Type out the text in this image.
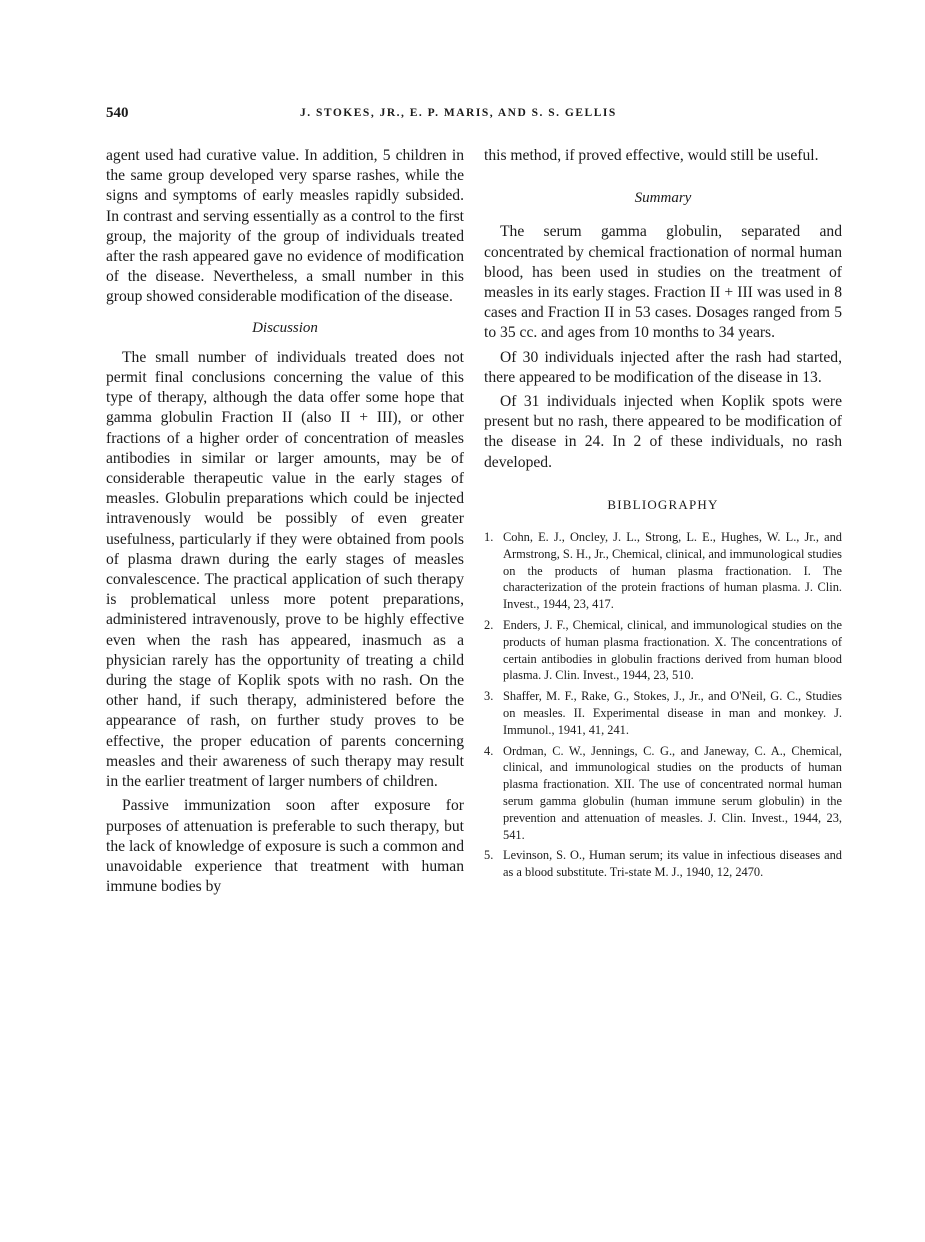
540	J. STOKES, JR., E. P. MARIS, AND S. S. GELLIS

agent used had curative value. In addition, 5 children in the same group developed very sparse rashes, while the signs and symptoms of early measles rapidly subsided. In contrast and serving essentially as a control to the first group, the majority of the group of individuals treated after the rash appeared gave no evidence of modification of the disease. Nevertheless, a small number in this group showed considerable modification of the disease.

Discussion

The small number of individuals treated does not permit final conclusions concerning the value of this type of therapy, although the data offer some hope that gamma globulin Fraction II (also II + III), or other fractions of a higher order of concentration of measles antibodies in similar or larger amounts, may be of considerable therapeutic value in the early stages of measles. Globulin preparations which could be injected intravenously would be possibly of even greater usefulness, particularly if they were obtained from pools of plasma drawn during the early stages of measles convalescence. The practical application of such therapy is problematical unless more potent preparations, administered intravenously, prove to be highly effective even when the rash has appeared, inasmuch as a physician rarely has the opportunity of treating a child during the stage of Koplik spots with no rash. On the other hand, if such therapy, administered before the appearance of rash, on further study proves to be effective, the proper education of parents concerning measles and their awareness of such therapy may result in the earlier treatment of larger numbers of children.

Passive immunization soon after exposure for purposes of attenuation is preferable to such therapy, but the lack of knowledge of exposure is such a common and unavoidable experience that treatment with human immune bodies by

this method, if proved effective, would still be useful.

Summary

The serum gamma globulin, separated and concentrated by chemical fractionation of normal human blood, has been used in studies on the treatment of measles in its early stages. Fraction II + III was used in 8 cases and Fraction II in 53 cases. Dosages ranged from 5 to 35 cc. and ages from 10 months to 34 years.

Of 30 individuals injected after the rash had started, there appeared to be modification of the disease in 13.

Of 31 individuals injected when Koplik spots were present but no rash, there appeared to be modification of the disease in 24. In 2 of these individuals, no rash developed.

BIBLIOGRAPHY
1. Cohn, E. J., Oncley, J. L., Strong, L. E., Hughes, W. L., Jr., and Armstrong, S. H., Jr., Chemical, clinical, and immunological studies on the products of human plasma fractionation. I. The characterization of the protein fractions of human plasma. J. Clin. Invest., 1944, 23, 417.
2. Enders, J. F., Chemical, clinical, and immunological studies on the products of human plasma fractionation. X. The concentrations of certain antibodies in globulin fractions derived from human blood plasma. J. Clin. Invest., 1944, 23, 510.
3. Shaffer, M. F., Rake, G., Stokes, J., Jr., and O'Neil, G. C., Studies on measles. II. Experimental disease in man and monkey. J. Immunol., 1941, 41, 241.
4. Ordman, C. W., Jennings, C. G., and Janeway, C. A., Chemical, clinical, and immunological studies on the products of human plasma fractionation. XII. The use of concentrated normal human serum gamma globulin (human immune serum globulin) in the prevention and attenuation of measles. J. Clin. Invest., 1944, 23, 541.
5. Levinson, S. O., Human serum; its value in infectious diseases and as a blood substitute. Tri-state M. J., 1940, 12, 2470.
